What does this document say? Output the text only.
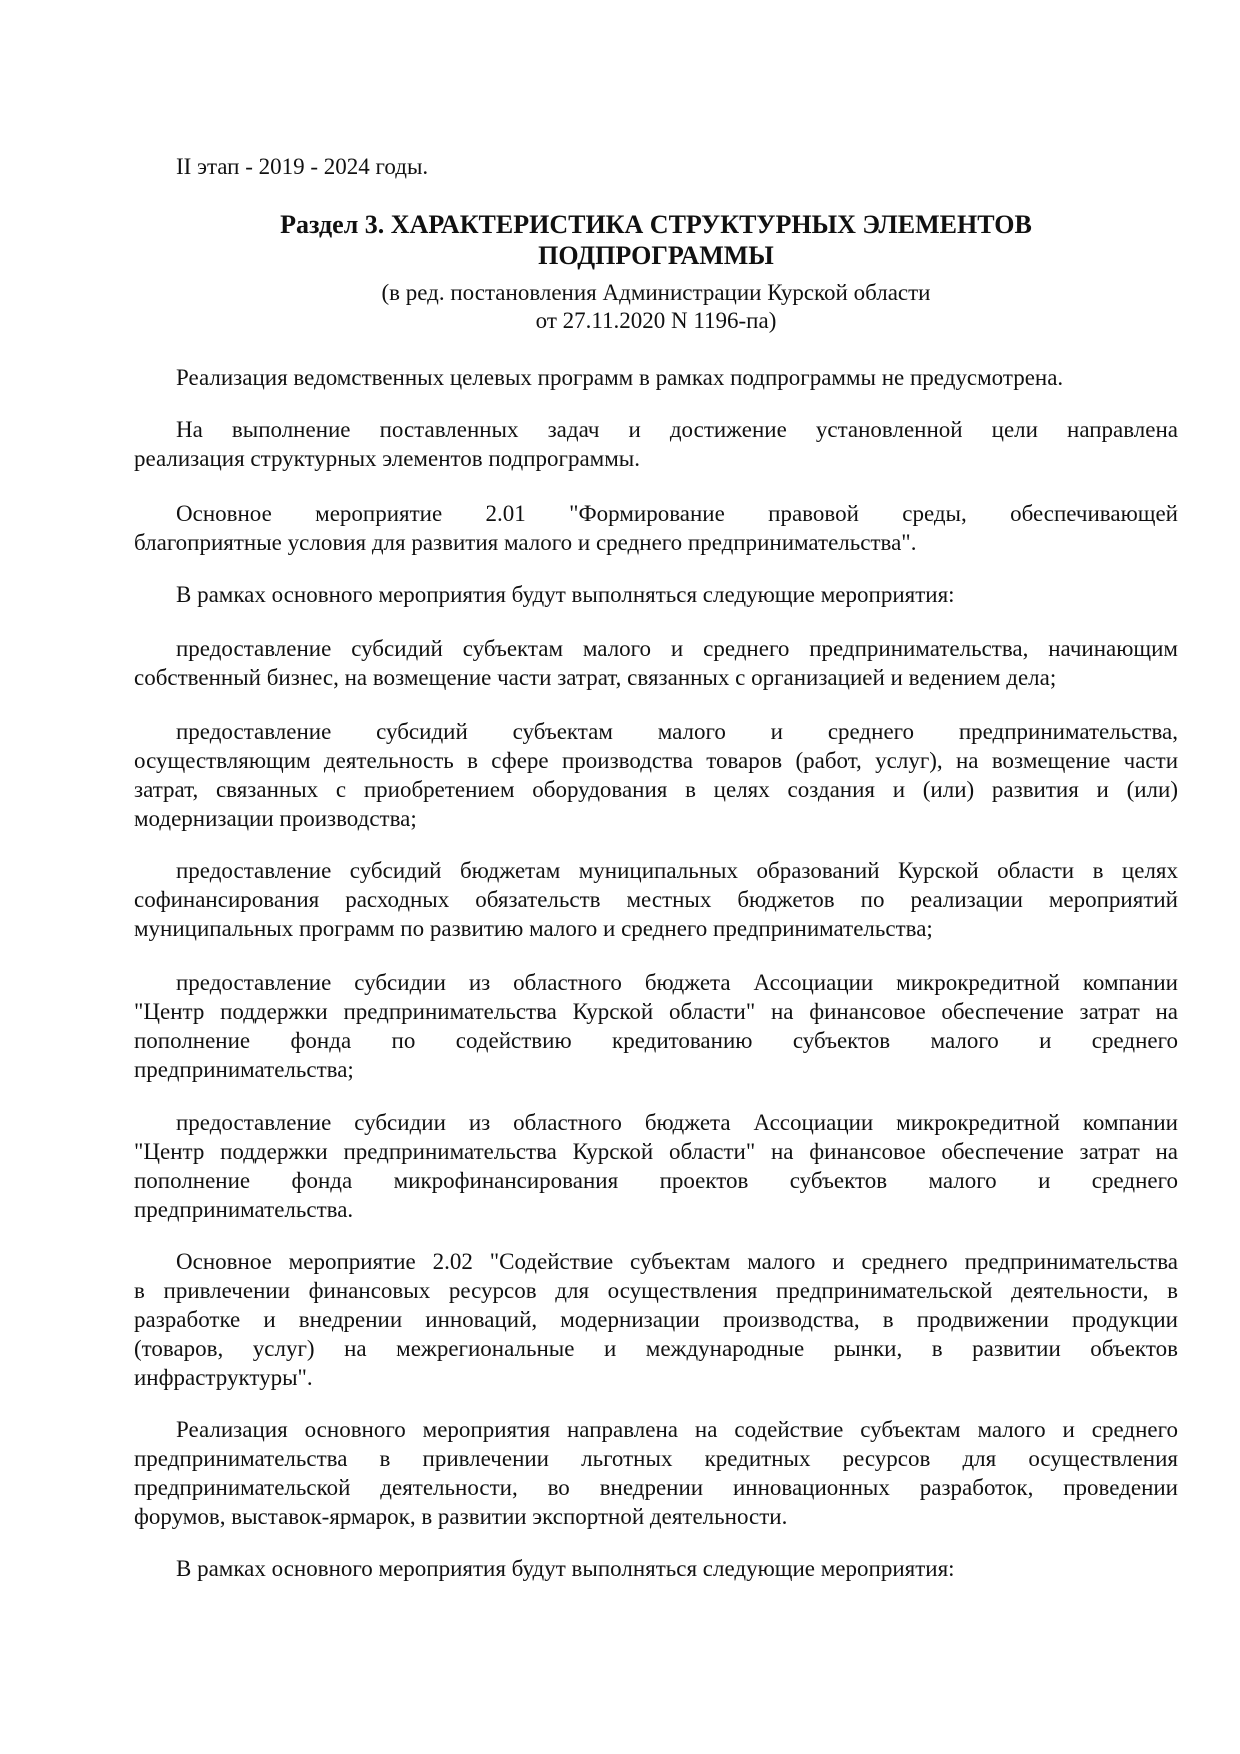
II этап - 2019 - 2024 годы.
Раздел 3. ХАРАКТЕРИСТИКА СТРУКТУРНЫХ ЭЛЕМЕНТОВ
ПОДПРОГРАММЫ
(в ред. постановления Администрации Курской области
от 27.11.2020 N 1196-па)
Реализация ведомственных целевых программ в рамках подпрограммы не предусмотрена.
На выполнение поставленных задач и достижение установленной цели направлена
реализация структурных элементов подпрограммы.
Основное мероприятие 2.01 "Формирование правовой среды, обеспечивающей
благоприятные условия для развития малого и среднего предпринимательства".
В рамках основного мероприятия будут выполняться следующие мероприятия:
предоставление субсидий субъектам малого и среднего предпринимательства, начинающим
собственный бизнес, на возмещение части затрат, связанных с организацией и ведением дела;
предоставление субсидий субъектам малого и среднего предпринимательства,
осуществляющим деятельность в сфере производства товаров (работ, услуг), на возмещение части
затрат, связанных с приобретением оборудования в целях создания и (или) развития и (или)
модернизации производства;
предоставление субсидий бюджетам муниципальных образований Курской области в целях
софинансирования расходных обязательств местных бюджетов по реализации мероприятий
муниципальных программ по развитию малого и среднего предпринимательства;
предоставление субсидии из областного бюджета Ассоциации микрокредитной компании
"Центр поддержки предпринимательства Курской области" на финансовое обеспечение затрат на
пополнение фонда по содействию кредитованию субъектов малого и среднего
предпринимательства;
предоставление субсидии из областного бюджета Ассоциации микрокредитной компании
"Центр поддержки предпринимательства Курской области" на финансовое обеспечение затрат на
пополнение фонда микрофинансирования проектов субъектов малого и среднего
предпринимательства.
Основное мероприятие 2.02 "Содействие субъектам малого и среднего предпринимательства
в привлечении финансовых ресурсов для осуществления предпринимательской деятельности, в
разработке и внедрении инноваций, модернизации производства, в продвижении продукции
(товаров, услуг) на межрегиональные и международные рынки, в развитии объектов
инфраструктуры".
Реализация основного мероприятия направлена на содействие субъектам малого и среднего
предпринимательства в привлечении льготных кредитных ресурсов для осуществления
предпринимательской деятельности, во внедрении инновационных разработок, проведении
форумов, выставок-ярмарок, в развитии экспортной деятельности.
В рамках основного мероприятия будут выполняться следующие мероприятия:
